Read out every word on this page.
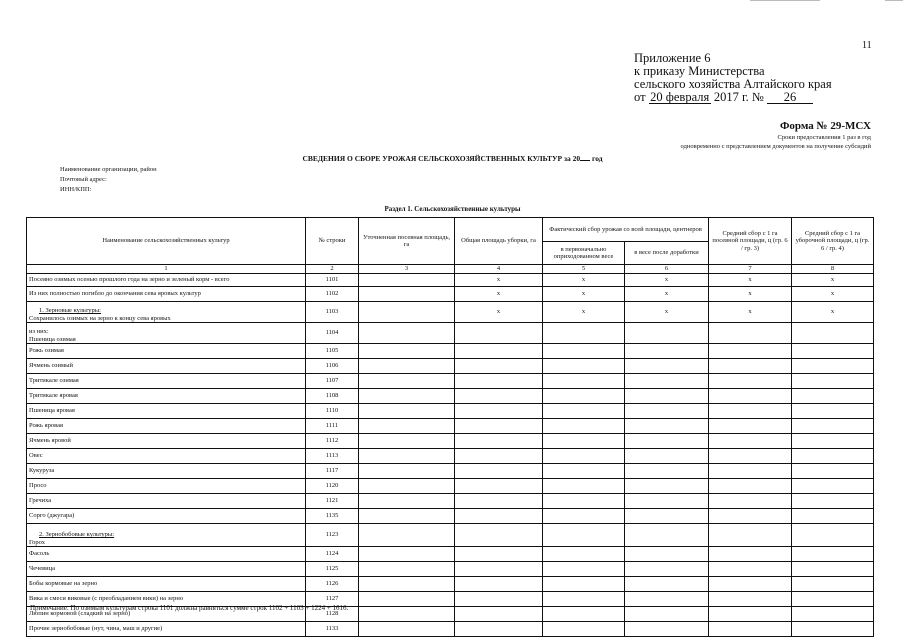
11
Приложение 6
к приказу Министерства
сельского хозяйства Алтайского края
от 20 февраля 2017 г. № 26
Форма № 29-МСХ
Сроки предоставления 1 раз в год
одновременно с представлением документов на получение субсидий
СВЕДЕНИЯ О СБОРЕ УРОЖАЯ СЕЛЬСКОХОЗЯЙСТВЕННЫХ КУЛЬТУР за 20 год
Наименование организации, район
Почтовый адрес:
ИНН/КПП:
Раздел 1. Сельскохозяйственные культуры
Наименование сельскохозяйственных культур	№ строки	Уточненная посевная площадь, га	Общая площадь уборки, га	Фактический сбор урожая со всей площади, центнеров		Средний сбор с 1 га посевной площади, ц (гр. 6 / гр. 3)	Средний сбор с 1 га уборочной площади, ц (гр. 6 / гр. 4)
				в первоначально оприходованном весе	в весе после доработки		
1	2	3	4	5	6	7	8
Посеяно озимых осенью прошлого года на зерно и зеленый корм - всего	1101		x	x	x	x	x
Из них полностью погибло до окончания сева яровых культур	1102		x	x	x	x	x

1. Зерновые культуры:
Сохранилось озимых на зерно к концу сева яровых	1103		x	x	x	x	x

из них:
Пшеница озимая	1104						
Рожь озимая	1105						
Ячмень озимый	1106						
Тритикале озимая	1107						
Тритикале яровая	1108						
Пшеница яровая	1110						
Рожь яровая	1111						
Ячмень яровой	1112						
Овес	1113						
Кукуруза	1117						
Просо	1120						
Гречиха	1121						
Сорго (джугара)	1135						

2. Зернобобовые культуры:
Горох	1123						
Фасоль	1124						
Чечевица	1125						
Бобы кормовые на зерно	1126						
Вика и смеси виковые (с преобладанием вики) на зерно	1127						
Люпин кормовой (сладкий на зерно)	1128						
Прочие зернобобовые (нут, чина, маш и другие)	1133						
Примечание. По озимым культурам строка 1101 должна равняться сумме строк 1102 + 1103 + 1224 + 1616.
